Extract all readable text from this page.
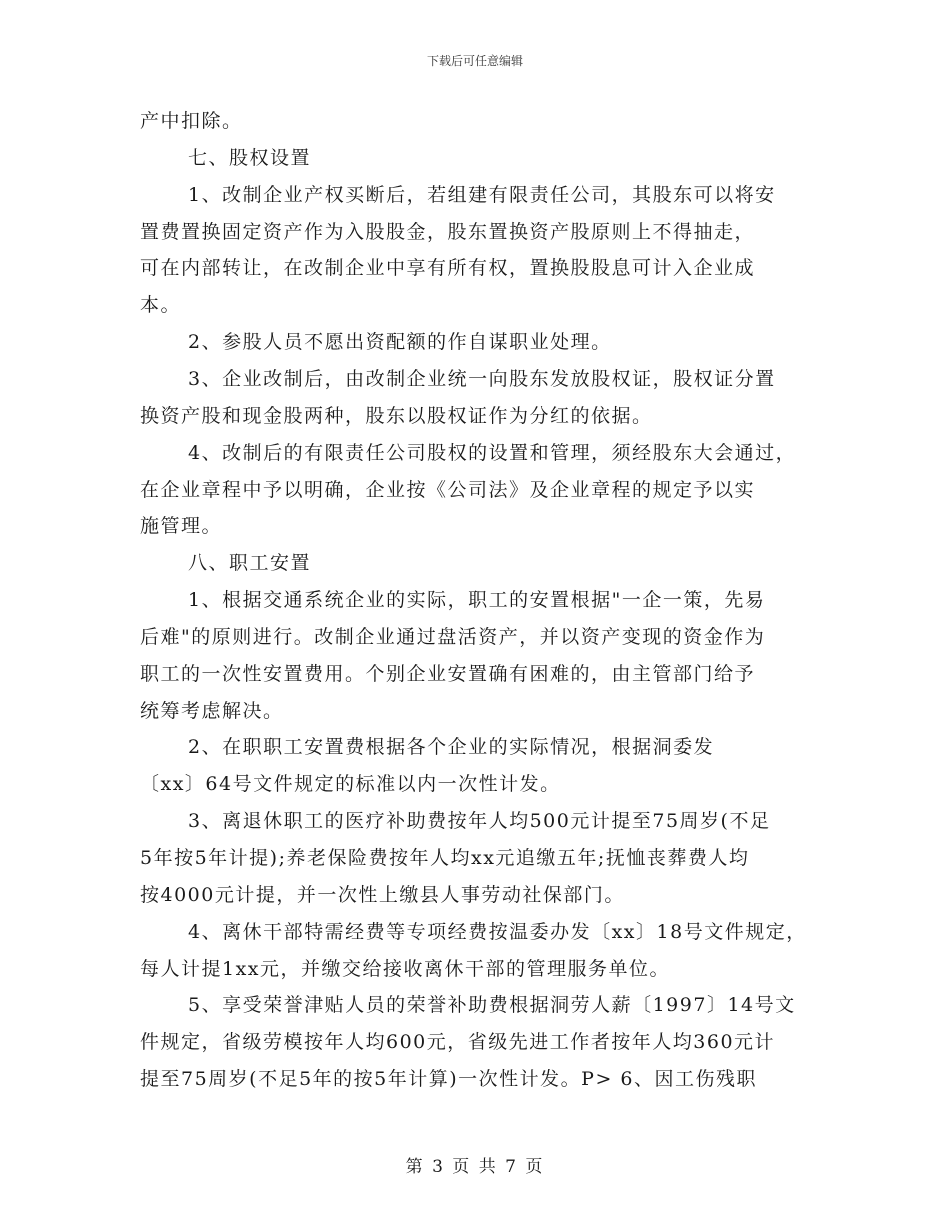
下载后可任意编辑
产中扣除。
七、股权设置
1、改制企业产权买断后，若组建有限责任公司，其股东可以将安
置费置换固定资产作为入股股金，股东置换资产股原则上不得抽走，
可在内部转让，在改制企业中享有所有权，置换股股息可计入企业成
本。
2、参股人员不愿出资配额的作自谋职业处理。
3、企业改制后，由改制企业统一向股东发放股权证，股权证分置
换资产股和现金股两种，股东以股权证作为分红的依据。
4、改制后的有限责任公司股权的设置和管理，须经股东大会通过，
在企业章程中予以明确，企业按《公司法》及企业章程的规定予以实
施管理。
八、职工安置
1、根据交通系统企业的实际，职工的安置根据"一企一策，先易
后难"的原则进行。改制企业通过盘活资产，并以资产变现的资金作为
职工的一次性安置费用。个别企业安置确有困难的，由主管部门给予
统筹考虑解决。
2、在职职工安置费根据各个企业的实际情况，根据洞委发
〔xx〕64号文件规定的标准以内一次性计发。
3、离退休职工的医疗补助费按年人均500元计提至75周岁(不足
5年按5年计提);养老保险费按年人均xx元追缴五年;抚恤丧葬费人均
按4000元计提，并一次性上缴县人事劳动社保部门。
4、离休干部特需经费等专项经费按温委办发〔xx〕18号文件规定，
每人计提1xx元，并缴交给接收离休干部的管理服务单位。
5、享受荣誉津贴人员的荣誉补助费根据洞劳人薪〔1997〕14号文
件规定，省级劳模按年人均600元，省级先进工作者按年人均360元计
提至75周岁(不足5年的按5年计算)一次性计发。P> 6、因工伤残职
第 3 页 共 7 页
